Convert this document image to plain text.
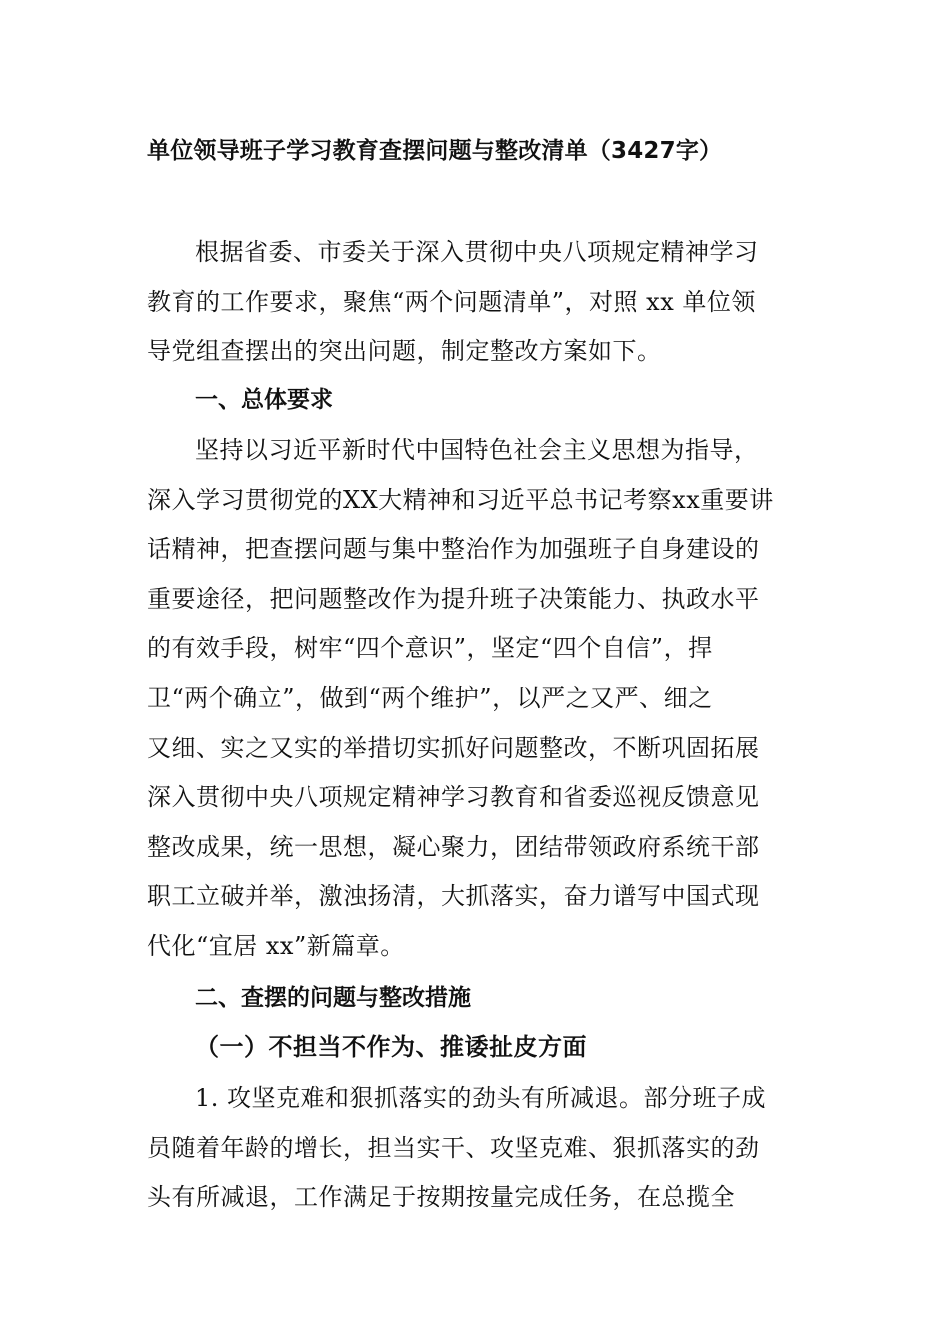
单位领导班子学习教育查摆问题与整改清单（3427字）
根据省委、市委关于深入贯彻中央八项规定精神学习
教育的工作要求，聚焦“两个问题清单”，对照 xx 单位领
导党组查摆出的突出问题，制定整改方案如下。
一、总体要求
坚持以习近平新时代中国特色社会主义思想为指导，
深入学习贯彻党的XX大精神和习近平总书记考察xx重要讲
话精神，把查摆问题与集中整治作为加强班子自身建设的
重要途径，把问题整改作为提升班子决策能力、执政水平
的有效手段，树牢“四个意识”，坚定“四个自信”，捍
卫“两个确立”，做到“两个维护”，以严之又严、细之
又细、实之又实的举措切实抓好问题整改，不断巩固拓展
深入贯彻中央八项规定精神学习教育和省委巡视反馈意见
整改成果，统一思想，凝心聚力，团结带领政府系统干部
职工立破并举，激浊扬清，大抓落实，奋力谱写中国式现
代化“宜居 xx”新篇章。
二、查摆的问题与整改措施
（一）不担当不作为、推诿扯皮方面
1. 攻坚克难和狠抓落实的劲头有所减退。部分班子成
员随着年龄的增长，担当实干、攻坚克难、狠抓落实的劲
头有所减退，工作满足于按期按量完成任务，在总揽全
